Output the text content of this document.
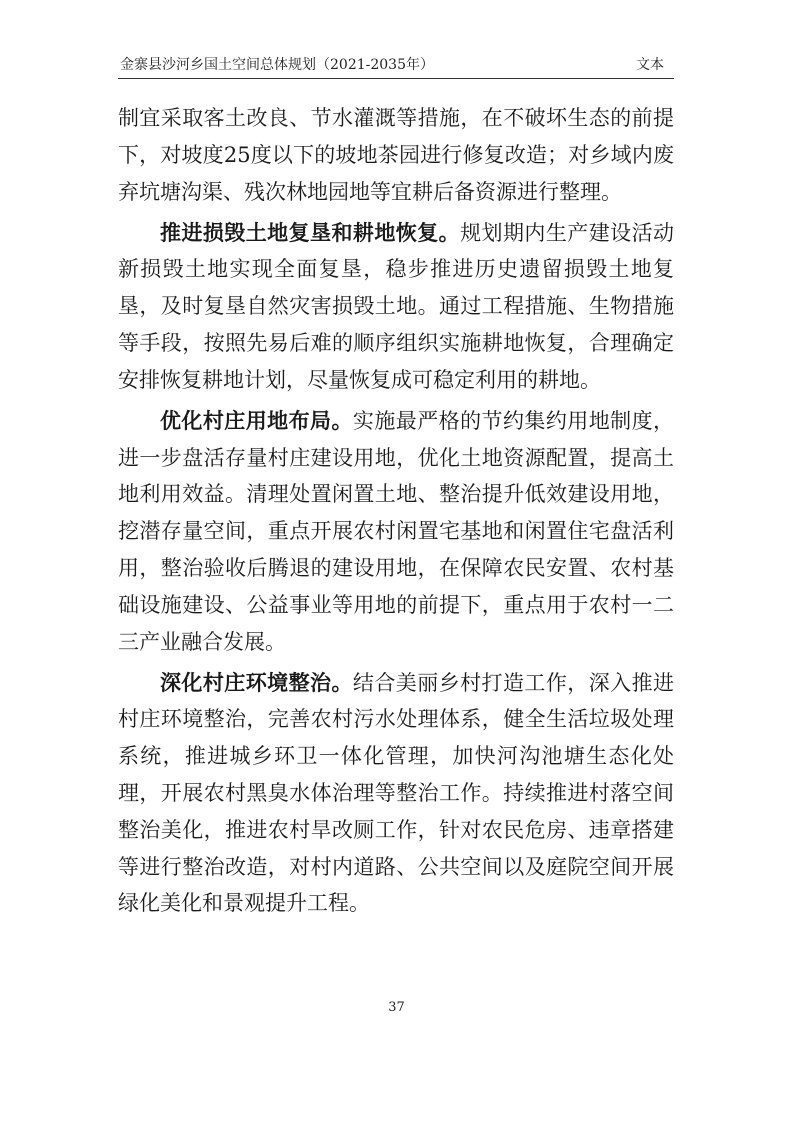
金寨县沙河乡国土空间总体规划（2021-2035年）	文本

制宜采取客土改良、节水灌溉等措施，在不破坏生态的前提下，对坡度25度以下的坡地茶园进行修复改造；对乡域内废弃坑塘沟渠、残次林地园地等宜耕后备资源进行整理。

推进损毁土地复垦和耕地恢复。规划期内生产建设活动新损毁土地实现全面复垦，稳步推进历史遗留损毁土地复垦，及时复垦自然灾害损毁土地。通过工程措施、生物措施等手段，按照先易后难的顺序组织实施耕地恢复，合理确定安排恢复耕地计划，尽量恢复成可稳定利用的耕地。

优化村庄用地布局。实施最严格的节约集约用地制度，进一步盘活存量村庄建设用地，优化土地资源配置，提高土地利用效益。清理处置闲置土地、整治提升低效建设用地，挖潜存量空间，重点开展农村闲置宅基地和闲置住宅盘活利用，整治验收后腾退的建设用地，在保障农民安置、农村基础设施建设、公益事业等用地的前提下，重点用于农村一二三产业融合发展。

深化村庄环境整治。结合美丽乡村打造工作，深入推进村庄环境整治，完善农村污水处理体系，健全生活垃圾处理系统，推进城乡环卫一体化管理，加快河沟池塘生态化处理，开展农村黑臭水体治理等整治工作。持续推进村落空间整治美化，推进农村旱改厕工作，针对农民危房、违章搭建等进行整治改造，对村内道路、公共空间以及庭院空间开展绿化美化和景观提升工程。

37
